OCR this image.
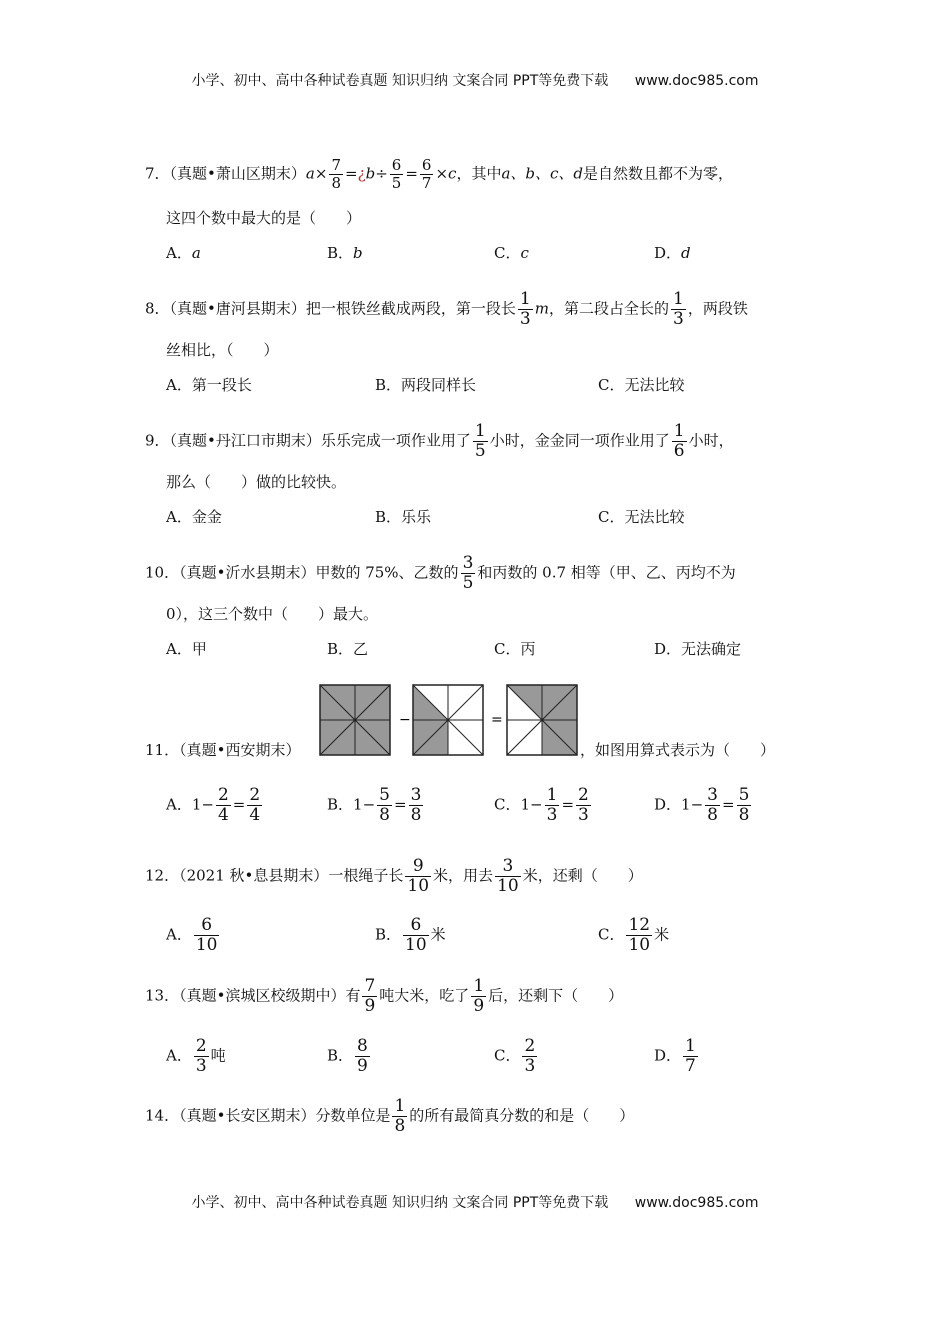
小学、初中、高中各种试卷真题 知识归纳 文案合同 PPT等免费下载 www.doc985.com
7．（真题•萧山区期末）$a\times \frac{7}{8}$ =¿b÷ $\frac{6}{5} = \frac{6}{7} \times c$，其中a、b、c、d是自然数且都不为零，
这四个数中最大的是（　　）
A．a	B．b	C．c	D．d
8．（真题•唐河县期末）把一根铁丝截成两段，第一段长 $\frac{1}{3}$ m，第二段占全长的 $\frac{1}{3}$ ，两段铁
丝相比，（　　）
A．第一段长	B．两段同样长	C．无法比较
9．（真题•丹江口市期末）乐乐完成一项作业用了 $\frac{1}{5}$ 小时，金金同一项作业用了 $\frac{1}{6}$ 小时，
那么（　　）做的比较快。
A．金金	B．乐乐	C．无法比较
10．（真题•沂水县期末）甲数的 75%、乙数的 $\frac{3}{5}$ 和丙数的 0.7 相等（甲、乙、丙均不为
0），这三个数中（　　）最大。
A．甲	B．乙	C．丙	D．无法确定
−	=
11．（真题•西安期末）	，如图用算式表示为（　　）
A．$1- \frac{2}{4} = \frac{2}{4}$	B．$1- \frac{5}{8} = \frac{3}{8}$	C．$1- \frac{1}{3} = \frac{2}{3}$	D．$1- \frac{3}{8} = \frac{5}{8}$
12．（2021 秋•息县期末）一根绳子长 $\frac{9}{10}$ 米，用去 $\frac{3}{10}$ 米，还剩（　　）
A． $\frac{6}{10}$	B． $\frac{6}{10}$ 米	C． $\frac{12}{10}$ 米
13．（真题•滨城区校级期中）有 $\frac{7}{9}$ 吨大米，吃了 $\frac{1}{9}$ 后，还剩下（　　）
A． $\frac{2}{3}$ 吨	B． $\frac{8}{9}$	C． $\frac{2}{3}$	D． $\frac{1}{7}$
14．（真题•长安区期末）分数单位是 $\frac{1}{8}$ 的所有最简真分数的和是（　　）
小学、初中、高中各种试卷真题 知识归纳 文案合同 PPT等免费下载 www.doc985.com
